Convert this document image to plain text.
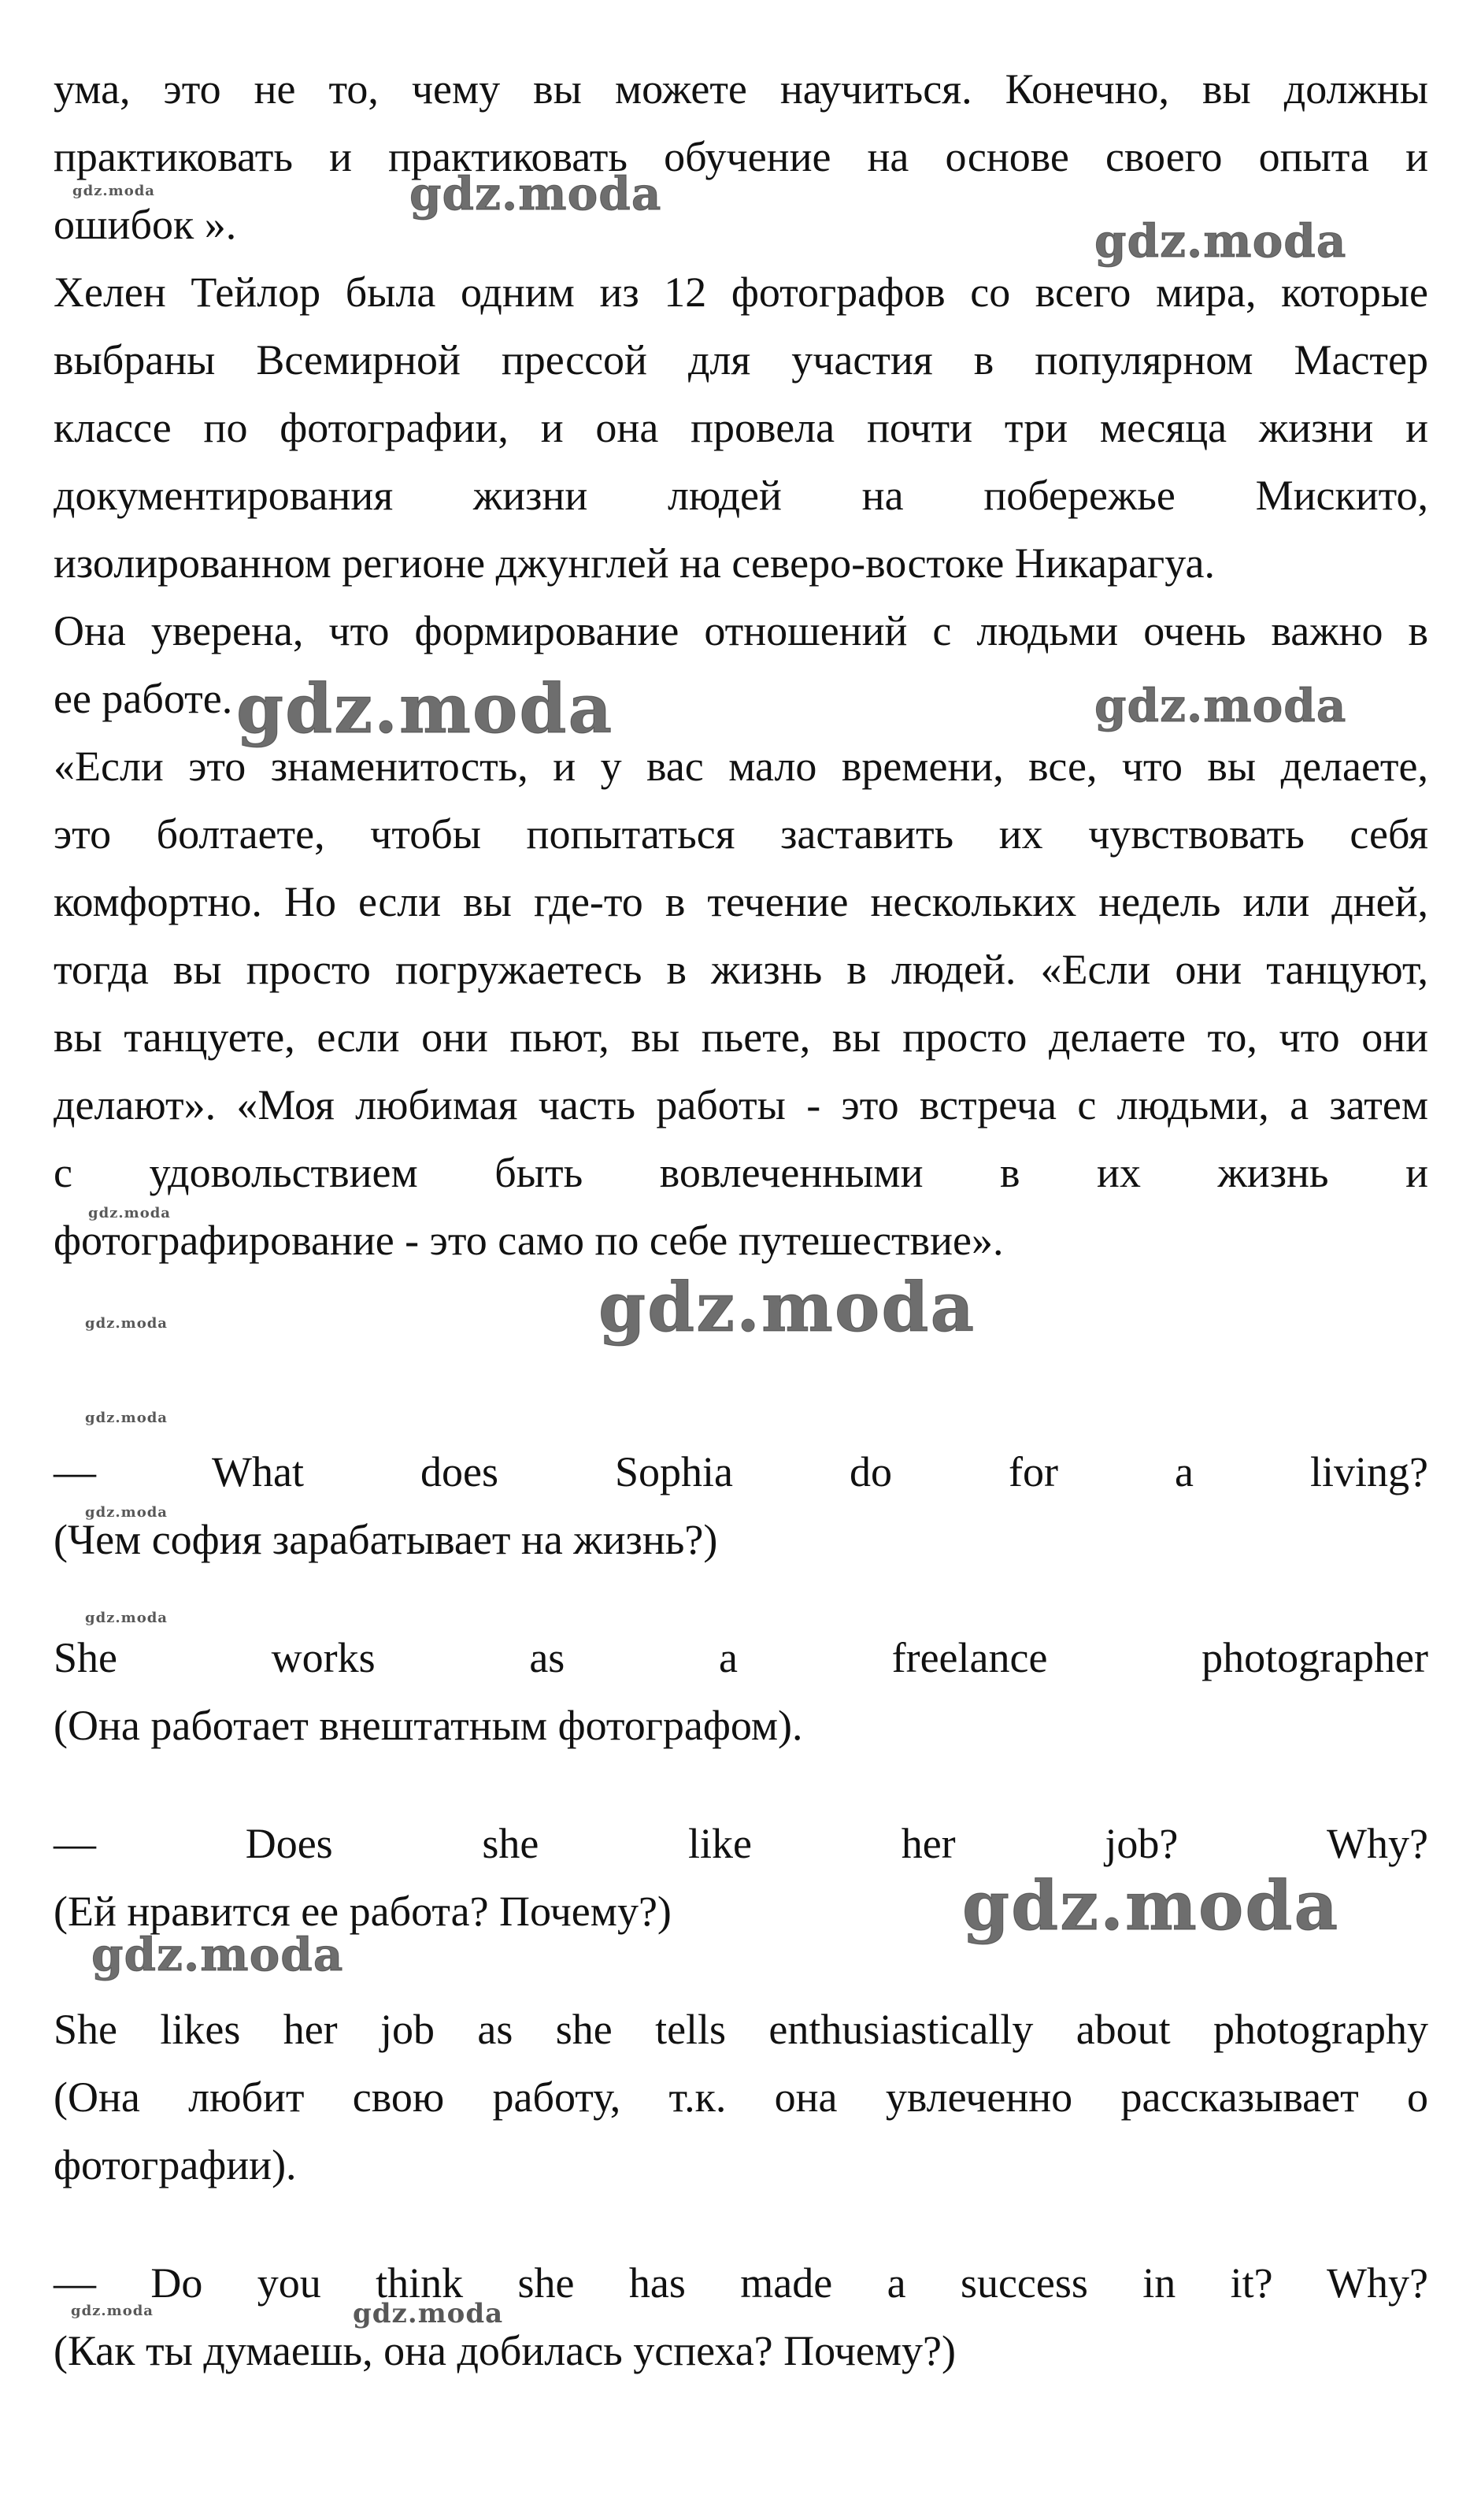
ума, это не то, чему вы можете научиться. Конечно, вы должны

практиковать и практиковать обучение на основе своего опыта и

ошибок ».

Хелен Тейлор была одним из 12 фотографов со всего мира, которые

выбраны Всемирной прессой для участия в популярном Мастер

классе по фотографии, и она провела почти три месяца жизни и

документирования жизни людей на побережье Мискито,

изолированном регионе джунглей на северо-востоке Никарагуа.

Она уверена, что формирование отношений с людьми очень важно в

ее работе.

«Если это знаменитость, и у вас мало времени, все, что вы делаете,

это болтаете, чтобы попытаться заставить их чувствовать себя

комфортно. Но если вы где-то в течение нескольких недель или дней,

тогда вы просто погружаетесь в жизнь в людей. «Если они танцуют,

вы танцуете, если они пьют, вы пьете, вы просто делаете то, что они

делают». «Моя любимая часть работы - это встреча с людьми, а затем

с удовольствием быть вовлеченными в их жизнь и

фотографирование - это само по себе путешествие».

— What does Sophia do for a living?

(Чем софия зарабатывает на жизнь?)

She works as a freelance photographer

(Она работает внештатным фотографом).

— Does she like her job? Why?

(Ей нравится ее работа? Почему?)

She likes her job as she tells enthusiastically about photography

(Она любит свою работу, т.к. она увлеченно рассказывает о

фотографии).

— Do you think she has made a success in it? Why?

(Как ты думаешь, она добилась успеха? Почему?)

gdz.moda	gdz.moda
gdz.moda
gdz.moda	gdz.moda
gdz.moda
gdz.moda
gdz.moda
gdz.moda
gdz.moda
gdz.moda
gdz.moda
gdz.moda
gdz.moda	gdz.moda
